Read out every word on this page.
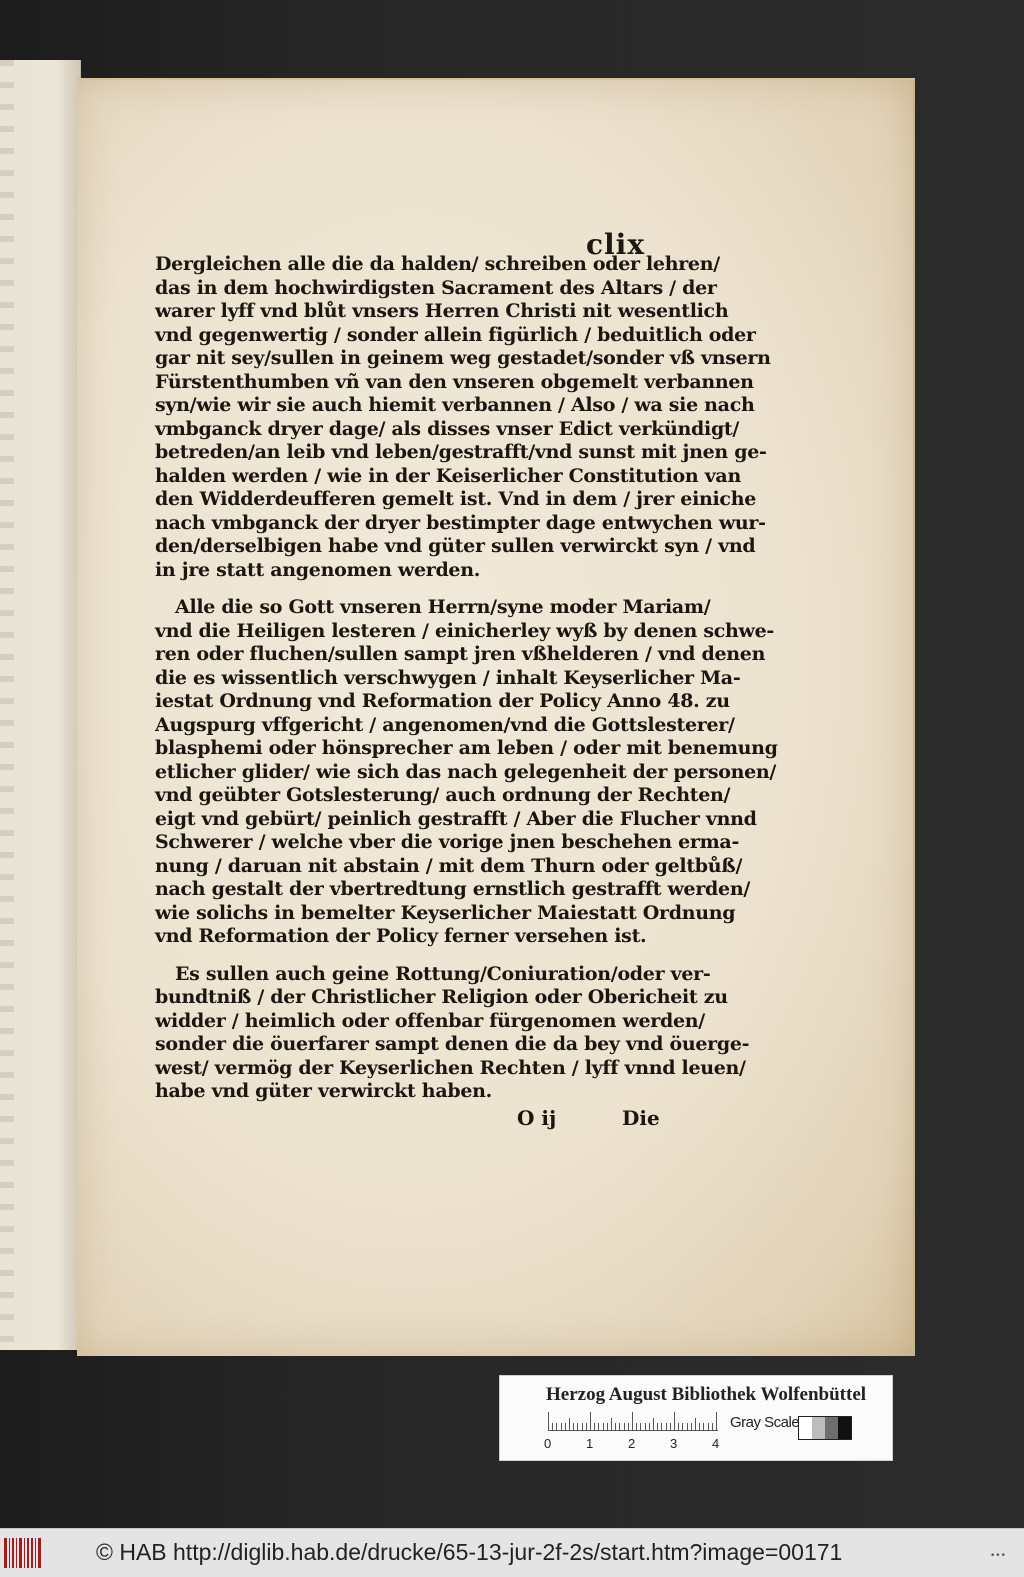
clix
Dergleichen alle die da halden/ schreiben oder lehren/
das in dem hochwirdigsten Sacrament des Altars / der
warer lyff vnd blůt vnsers Herren Christi nit wesentlich
vnd gegenwertig / sonder allein figürlich / beduitlich oder
gar nit sey/sullen in geinem weg gestadet/sonder vß vnsern
Fürstenthumben vñ van den vnseren obgemelt verbannen
syn/wie wir sie auch hiemit verbannen / Also / wa sie nach
vmbganck dryer dage/ als disses vnser Edict verkündigt/
betreden/an leib vnd leben/gestrafft/vnd sunst mit jnen ge-
halden werden / wie in der Keiserlicher Constitution van
den Widderdeufferen gemelt ist. Vnd in dem / jrer einiche
nach vmbganck der dryer bestimpter dage entwychen wur-
den/derselbigen habe vnd güter sullen verwirckt syn / vnd
in jre statt angenomen werden.
Alle die so Gott vnseren Herrn/syne moder Mariam/
vnd die Heiligen lesteren / einicherley wyß by denen schwe-
ren oder fluchen/sullen sampt jren vßhelderen / vnd denen
die es wissentlich verschwygen / inhalt Keyserlicher Ma-
iestat Ordnung vnd Reformation der Policy Anno 48. zu
Augspurg vffgericht / angenomen/vnd die Gottslesterer/
blasphemi oder hönsprecher am leben / oder mit benemung
etlicher glider/ wie sich das nach gelegenheit der personen/
vnd geübter Gotslesterung/ auch ordnung der Rechten/
eigt vnd gebürt/ peinlich gestrafft / Aber die Flucher vnnd
Schwerer / welche vber die vorige jnen beschehen erma-
nung / daruan nit abstain / mit dem Thurn oder geltbůß/
nach gestalt der vbertredtung ernstlich gestrafft werden/
wie solichs in bemelter Keyserlicher Maiestatt Ordnung
vnd Reformation der Policy ferner versehen ist.
Es sullen auch geine Rottung/Coniuration/oder ver-
bundtniß / der Christlicher Religion oder Obericheit zu
widder / heimlich oder offenbar fürgenomen werden/
sonder die öuerfarer sampt denen die da bey vnd öuerge-
west/ vermög der Keyserlichen Rechten / lyff vnnd leuen/
habe vnd güter verwirckt haben.
O ij	Die
Herzog August Bibliothek Wolfenbüttel
0	1	2	3	4
Gray Scale
© HAB http://diglib.hab.de/drucke/65-13-jur-2f-2s/start.htm?image=00171	•••
